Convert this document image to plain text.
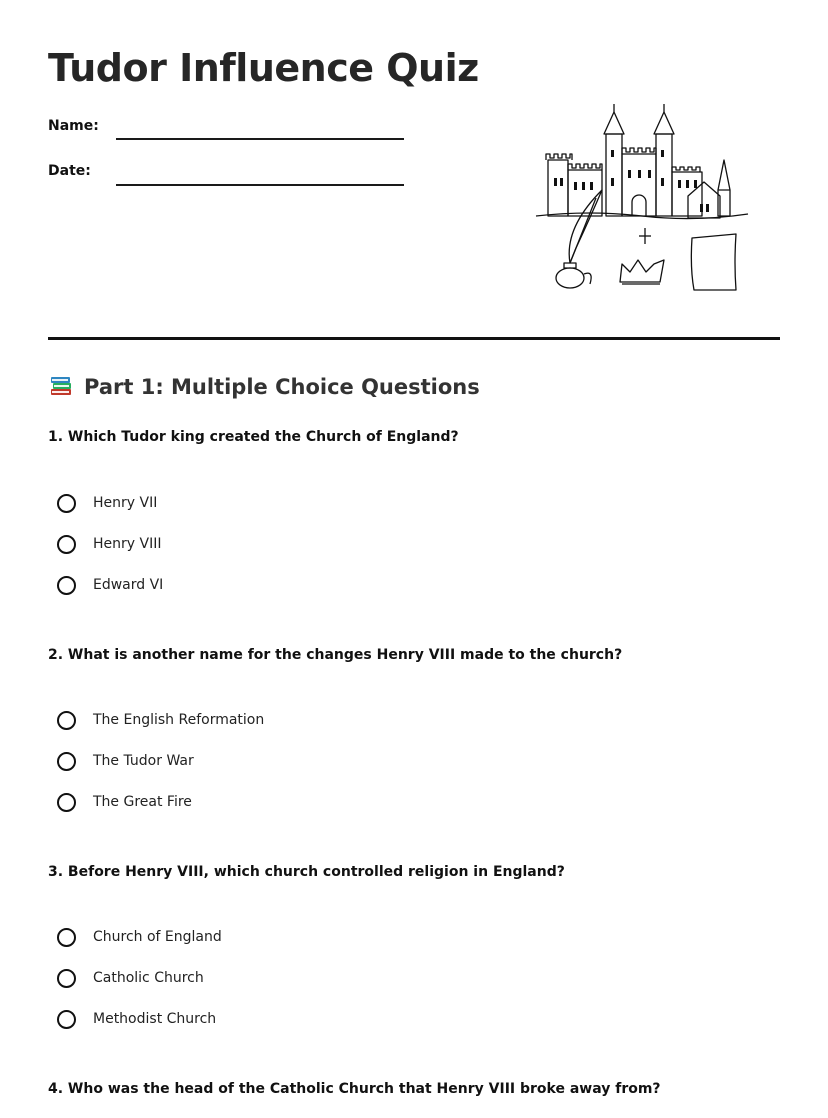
Tudor Influence Quiz
Name:
Date:
Part 1: Multiple Choice Questions

1. Which Tudor king created the Church of England?

Henry VII
Henry VIII
Edward VI

2. What is another name for the changes Henry VIII made to the church?

The English Reformation
The Tudor War
The Great Fire

3. Before Henry VIII, which church controlled religion in England?

Church of England
Catholic Church
Methodist Church

4. Who was the head of the Catholic Church that Henry VIII broke away from?
